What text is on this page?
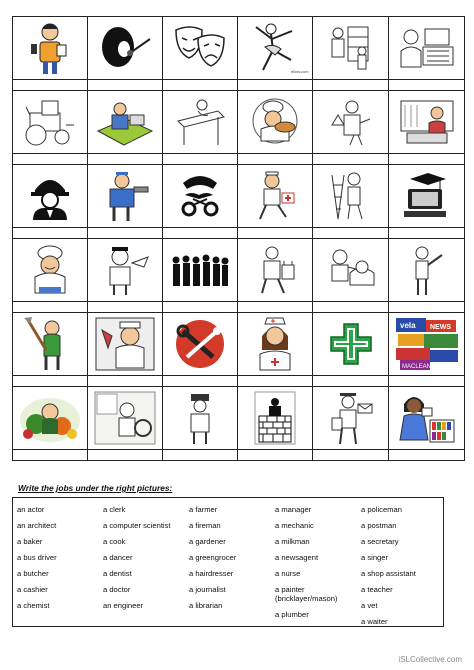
ellow.com

vela NEWS
MACLEANS

Write the jobs under the right pictures:
an actor
an architect
a baker
a bus driver
a butcher
a cashier
a chemist
a clerk
a computer scientist
a cook
a dancer
a dentist
a doctor
an engineer
a farmer
a fireman
a gardener
a greengrocer
a hairdresser
a journalist
a librarian
a manager
a mechanic
a milkman
a newsagent
a nurse
a painter (bricklayer/mason)
a plumber
a policeman
a postman
a secretary
a singer
a shop assistant
a teacher
a vet
a waiter
iSLCollective.com
